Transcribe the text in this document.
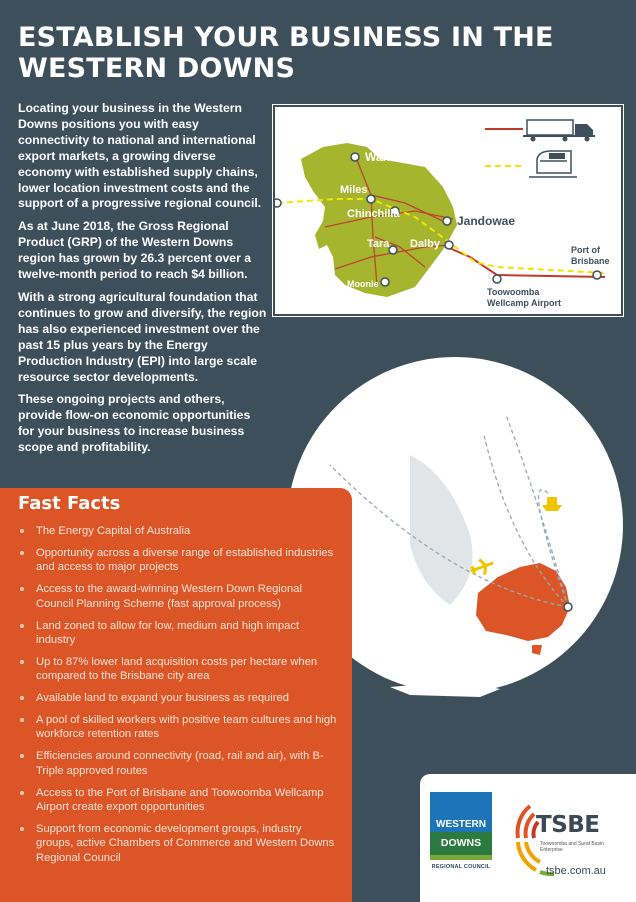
ESTABLISH YOUR BUSINESS IN THE WESTERN DOWNS

Locating your business in the Western Downs positions you with easy connectivity to national and international export markets, a growing diverse economy with established supply chains, lower location investment costs and the support of a progressive regional council.

As at June 2018, the Gross Regional Product (GRP) of the Western Downs region has grown by 26.3 percent over a twelve-month period to reach $4 billion.

With a strong agricultural foundation that continues to grow and diversify, the region has also experienced investment over the past 15 plus years by the Energy Production Industry (EPI) into large scale resource sector developments.

These ongoing projects and others, provide flow-on economic opportunities for your business to increase business scope and profitability.

Wandoan
Miles
Chinchilla
Tara Dalby
Moonie
Jandowae
Port of
Brisbane
Toowoomba
Wellcamp Airport
Fast Facts
The Energy Capital of Australia
Opportunity across a diverse range of established industries and access to major projects
Access to the award-winning Western Down Regional Council Planning Scheme (fast approval process)
Land zoned to allow for low, medium and high impact industry
Up to 87% lower land acquisition costs per hectare when compared to the Brisbane city area
Available land to expand your business as required
A pool of skilled workers with positive team cultures and high workforce retention rates
Efficiencies around connectivity (road, rail and air), with B-Triple approved routes
Access to the Port of Brisbane and Toowoomba Wellcamp Airport create export opportunities
Support from economic development groups, industry groups, active Chambers of Commerce and Western Downs Regional Council
WESTERN
DOWNS
REGIONAL COUNCIL
TSBE
Toowoomba and Surat Basin Enterprise
tsbe.com.au
